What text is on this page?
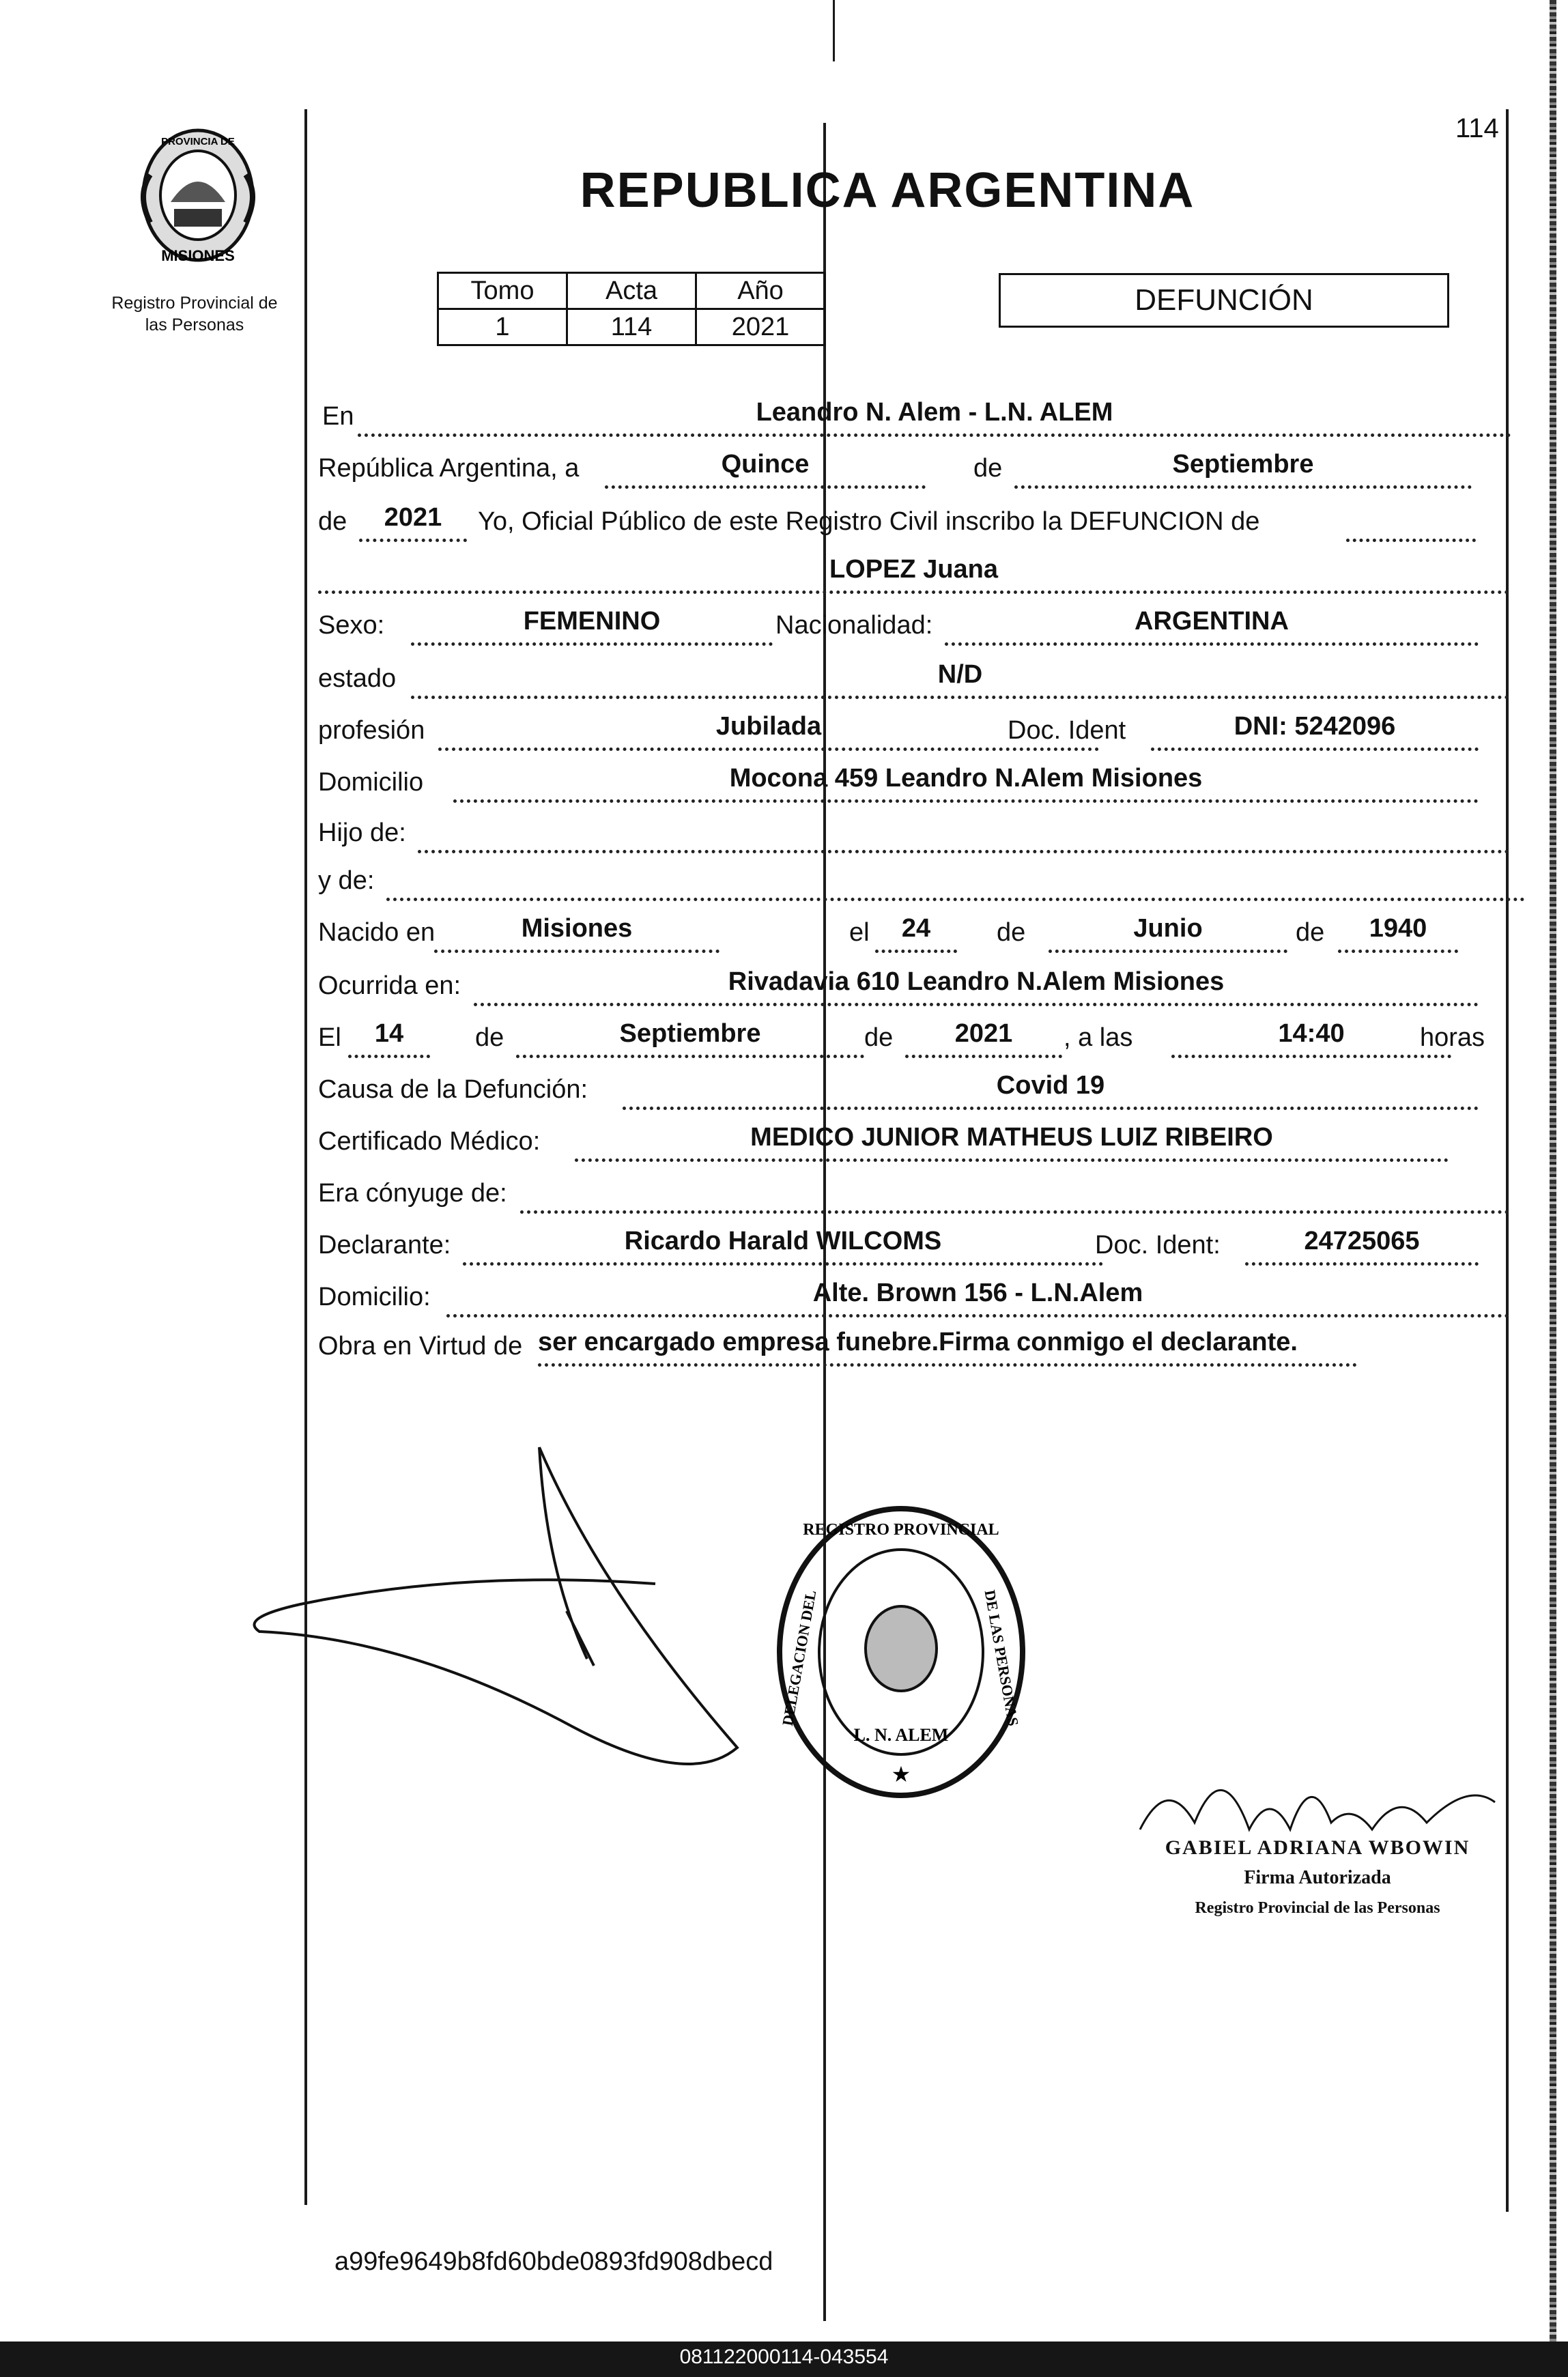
114
PROVINCIA DE
MISIONES
Registro Provincial de
las Personas
REPUBLICA ARGENTINA
Tomo	Acta	Año
1	114	2021
DEFUNCIÓN
En	Leandro N. Alem - L.N. ALEM
República Argentina, a	Quince	de	Septiembre
de	2021	Yo, Oficial Público de este Registro Civil inscribo la DEFUNCION de
LOPEZ Juana
Sexo:	FEMENINO	Nacionalidad:	ARGENTINA
estado	N/D
profesión	Jubilada	Doc. Ident	DNI: 5242096
Domicilio	Mocona 459 Leandro N.Alem Misiones
Hijo de:
y de:
Nacido en	Misiones	el	24	de	Junio	de	1940
Ocurrida en:	Rivadavia 610 Leandro N.Alem Misiones
El	14	de	Septiembre	de	2021	, a las	14:40	horas
Causa de la Defunción:	Covid 19
Certificado Médico:	MEDICO JUNIOR MATHEUS LUIZ RIBEIRO
Era cónyuge de:
Declarante:	Ricardo Harald WILCOMS	Doc. Ident:	24725065
Domicilio:	Alte. Brown 156 - L.N.Alem
Obra en Virtud de ser encargado empresa funebre.Firma conmigo el declarante.
REGISTRO PROVINCIAL
DE LAS PERSONAS
DELEGACION DEL
L. N. ALEM
★
GABIEL ADRIANA WBOWIN
Firma Autorizada
Registro Provincial de las Personas
a99fe9649b8fd60bde0893fd908dbecd
081122000114-043554
